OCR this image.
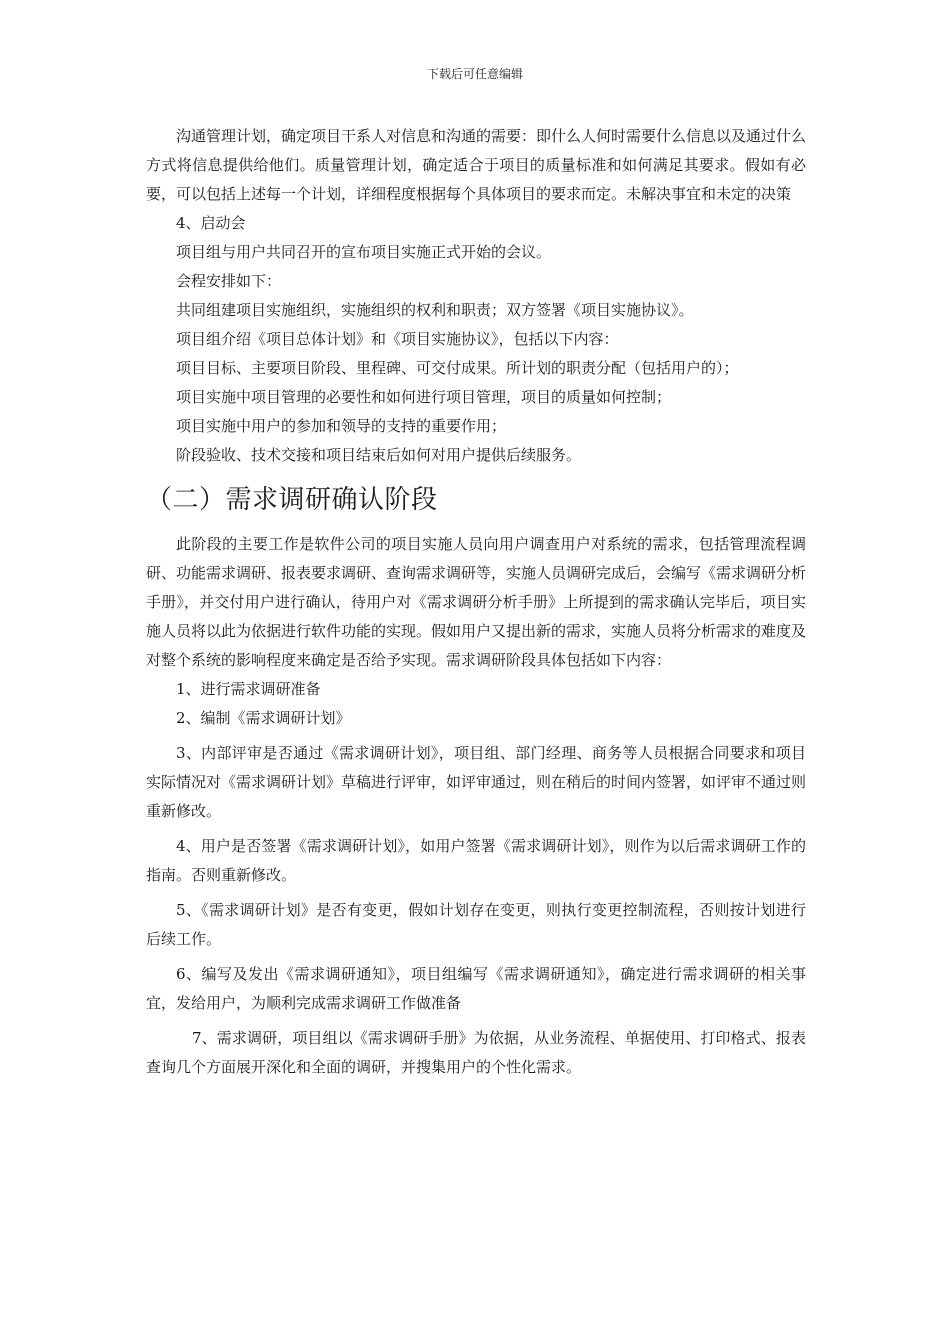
下载后可任意编辑

沟通管理计划，确定项目干系人对信息和沟通的需要：即什么人何时需要什么信息以及通过什么方式将信息提供给他们。质量管理计划，确定适合于项目的质量标准和如何满足其要求。假如有必要，可以包括上述每一个计划，详细程度根据每个具体项目的要求而定。未解决事宜和未定的决策

4、启动会

项目组与用户共同召开的宣布项目实施正式开始的会议。

会程安排如下：

共同组建项目实施组织，实施组织的权利和职责；双方签署《项目实施协议》。

项目组介绍《项目总体计划》和《项目实施协议》，包括以下内容：

项目目标、主要项目阶段、里程碑、可交付成果。所计划的职责分配（包括用户的）；

项目实施中项目管理的必要性和如何进行项目管理，项目的质量如何控制；

项目实施中用户的参加和领导的支持的重要作用；

阶段验收、技术交接和项目结束后如何对用户提供后续服务。

（二）需求调研确认阶段

此阶段的主要工作是软件公司的项目实施人员向用户调查用户对系统的需求，包括管理流程调研、功能需求调研、报表要求调研、查询需求调研等，实施人员调研完成后，会编写《需求调研分析手册》，并交付用户进行确认，待用户对《需求调研分析手册》上所提到的需求确认完毕后，项目实施人员将以此为依据进行软件功能的实现。假如用户又提出新的需求，实施人员将分析需求的难度及对整个系统的影响程度来确定是否给予实现。需求调研阶段具体包括如下内容：

1、进行需求调研准备

2、编制《需求调研计划》

3、内部评审是否通过《需求调研计划》，项目组、部门经理、商务等人员根据合同要求和项目实际情况对《需求调研计划》草稿进行评审，如评审通过，则在稍后的时间内签署，如评审不通过则重新修改。

4、用户是否签署《需求调研计划》，如用户签署《需求调研计划》，则作为以后需求调研工作的指南。否则重新修改。

5、《需求调研计划》是否有变更，假如计划存在变更，则执行变更控制流程，否则按计划进行后续工作。

6、编写及发出《需求调研通知》，项目组编写《需求调研通知》，确定进行需求调研的相关事宜，发给用户，为顺利完成需求调研工作做准备

7、需求调研，项目组以《需求调研手册》为依据，从业务流程、单据使用、打印格式、报表查询几个方面展开深化和全面的调研，并搜集用户的个性化需求。
